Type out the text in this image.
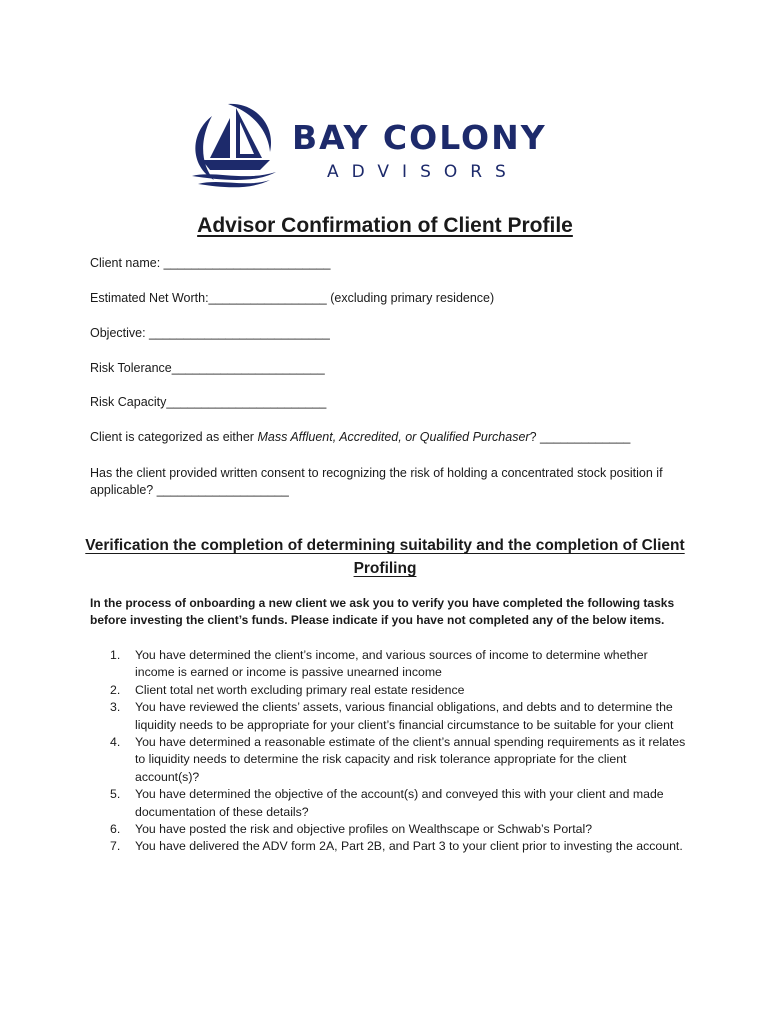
BAY COLONY
ADVISORS
Advisor Confirmation of Client Profile
Client name: ________________________
Estimated Net Worth:_________________ (excluding primary residence)
Objective: __________________________
Risk Tolerance______________________
Risk Capacity_______________________
Client is categorized as either Mass Affluent, Accredited, or Qualified Purchaser? _____________
Has the client provided written consent to recognizing the risk of holding a concentrated stock position if applicable? ___________________
Verification the completion of determining suitability and the completion of Client Profiling
In the process of onboarding a new client we ask you to verify you have completed the following tasks before investing the client’s funds. Please indicate if you have not completed any of the below items.
1. You have determined the client’s income, and various sources of income to determine whether income is earned or income is passive unearned income
2. Client total net worth excluding primary real estate residence
3. You have reviewed the clients’ assets, various financial obligations, and debts and to determine the liquidity needs to be appropriate for your client’s financial circumstance to be suitable for your client
4. You have determined a reasonable estimate of the client’s annual spending requirements as it relates to liquidity needs to determine the risk capacity and risk tolerance appropriate for the client account(s)?
5. You have determined the objective of the account(s) and conveyed this with your client and made documentation of these details?
6. You have posted the risk and objective profiles on Wealthscape or Schwab’s Portal?
7. You have delivered the ADV form 2A, Part 2B, and Part 3 to your client prior to investing the account.
